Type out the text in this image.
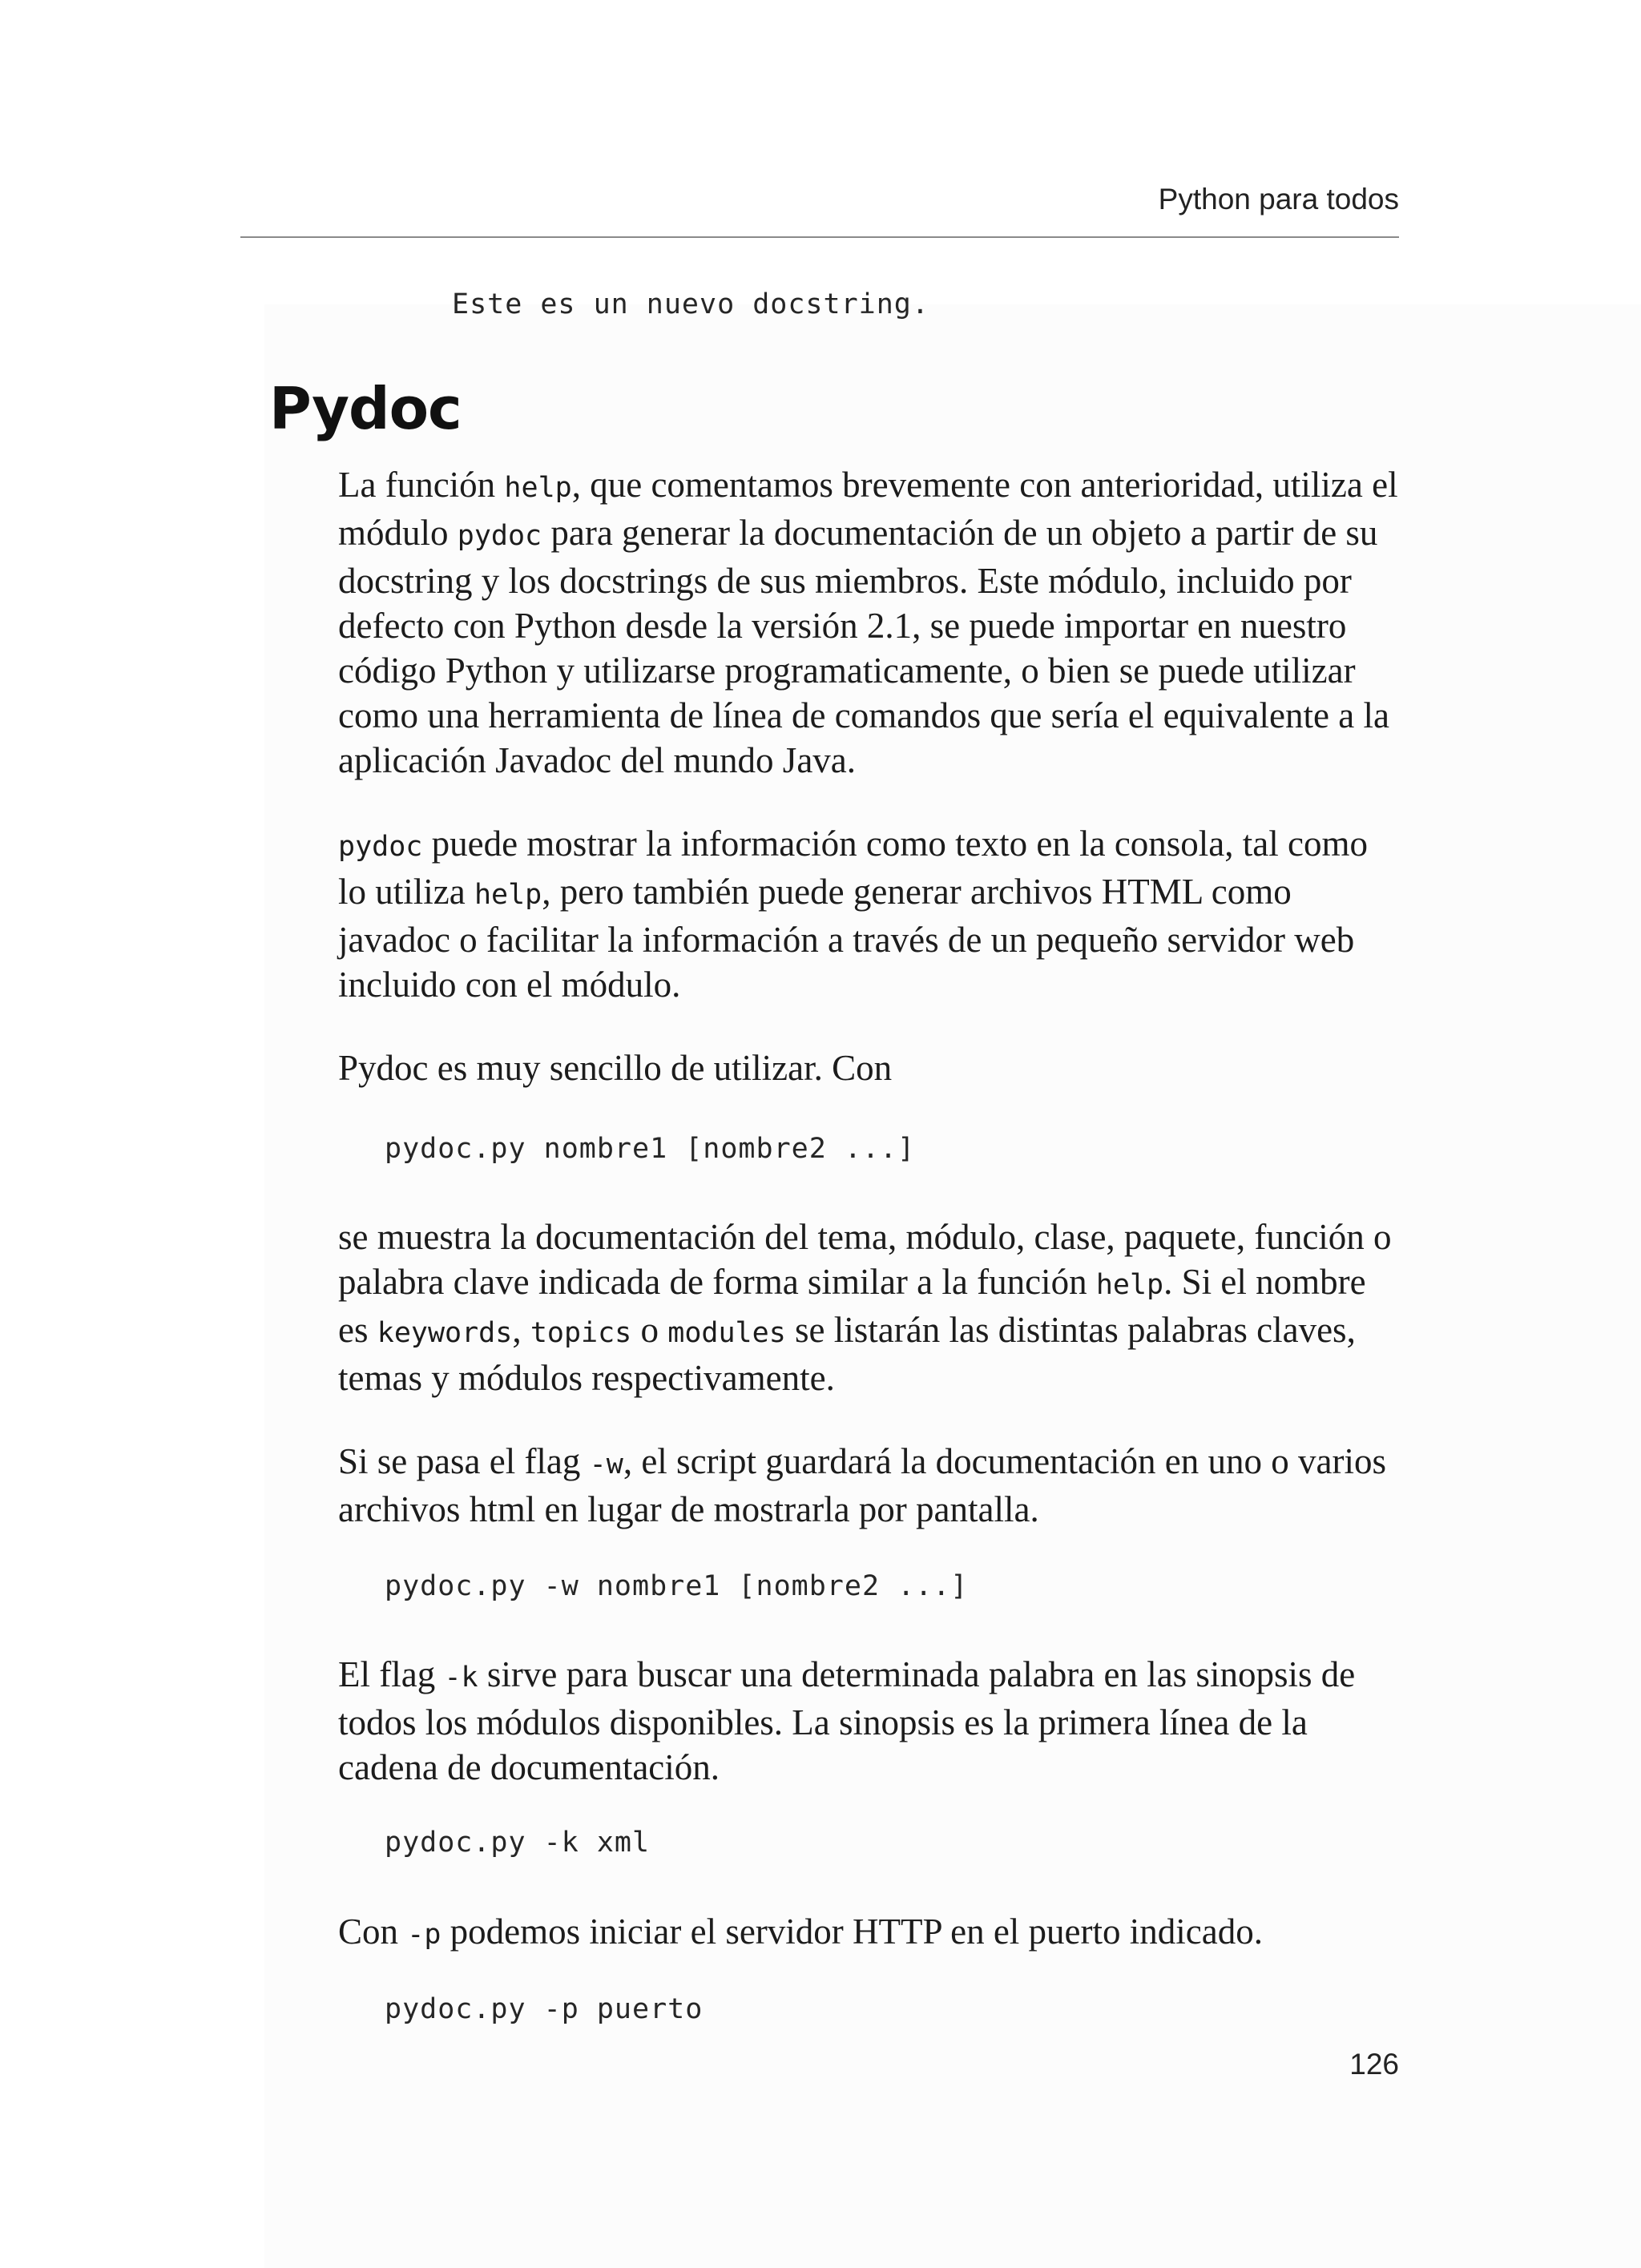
Python para todos
Este es un nuevo docstring.
Pydoc

La función help, que comentamos brevemente con anterioridad, utiliza el módulo pydoc para generar la documentación de un objeto a partir de su docstring y los docstrings de sus miembros. Este módulo, incluido por defecto con Python desde la versión 2.1, se puede importar en nuestro código Python y utilizarse programaticamente, o bien se puede utilizar como una herramienta de línea de comandos que sería el equivalente a la aplicación Javadoc del mundo Java.

pydoc puede mostrar la información como texto en la consola, tal como lo utiliza help, pero también puede generar archivos HTML como javadoc o facilitar la información a través de un pequeño servidor web incluido con el módulo.

Pydoc es muy sencillo de utilizar. Con

pydoc.py nombre1 [nombre2 ...]

se muestra la documentación del tema, módulo, clase, paquete, función o palabra clave indicada de forma similar a la función help. Si el nombre es keywords, topics o modules se listarán las distintas palabras claves, temas y módulos respectivamente.

Si se pasa el flag -w, el script guardará la documentación en uno o varios archivos html en lugar de mostrarla por pantalla.

pydoc.py -w nombre1 [nombre2 ...]

El flag -k sirve para buscar una determinada palabra en las sinopsis de todos los módulos disponibles. La sinopsis es la primera línea de la cadena de documentación.

pydoc.py -k xml

Con -p podemos iniciar el servidor HTTP en el puerto indicado.

pydoc.py -p puerto
126
